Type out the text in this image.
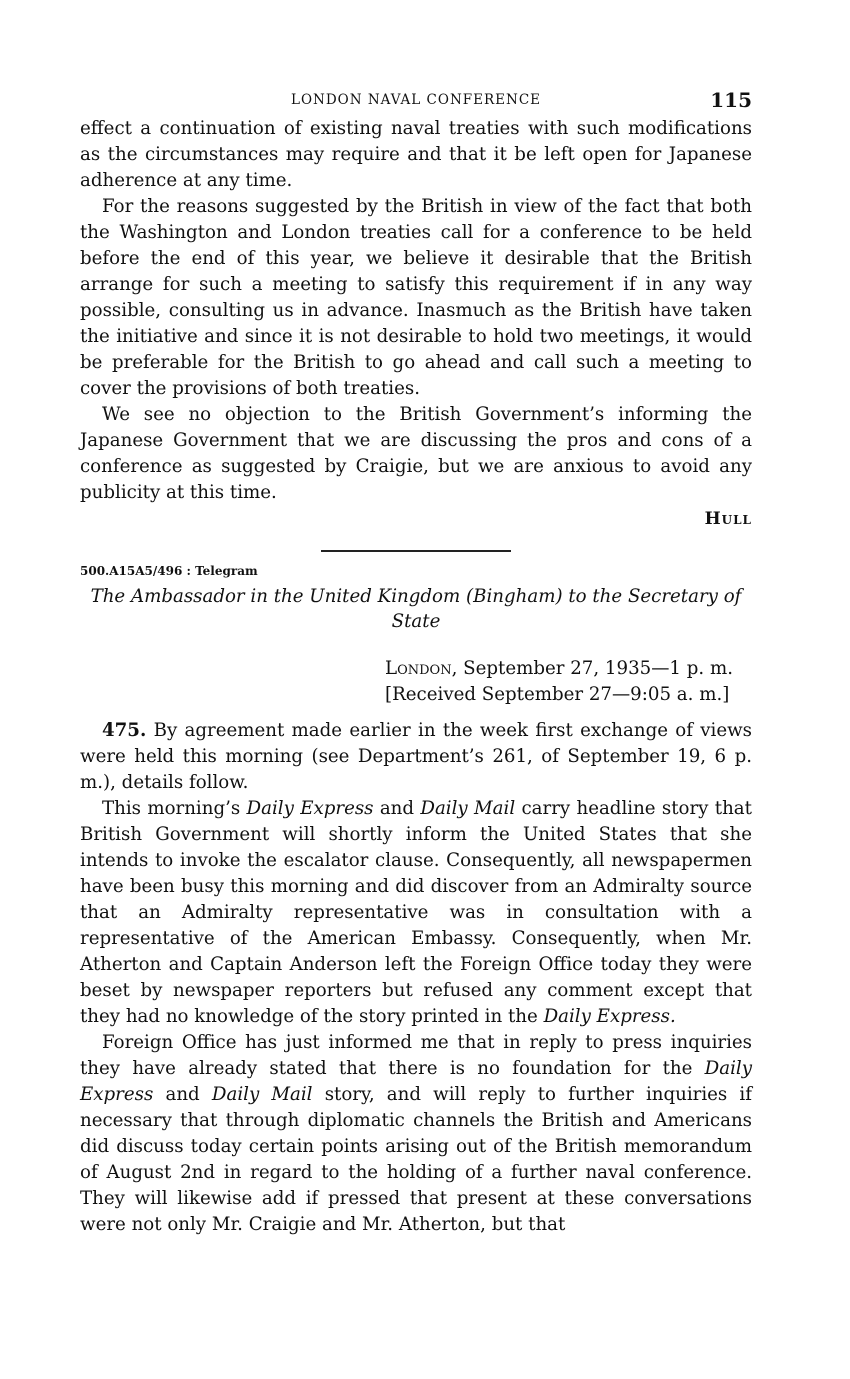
LONDON NAVAL CONFERENCE	115

effect a continuation of existing naval treaties with such modifications as the circumstances may require and that it be left open for Japanese adherence at any time.

For the reasons suggested by the British in view of the fact that both the Washington and London treaties call for a conference to be held before the end of this year, we believe it desirable that the British arrange for such a meeting to satisfy this requirement if in any way possible, consulting us in advance. Inasmuch as the British have taken the initiative and since it is not desirable to hold two meetings, it would be preferable for the British to go ahead and call such a meeting to cover the provisions of both treaties.

We see no objection to the British Government’s informing the Japanese Government that we are discussing the pros and cons of a conference as suggested by Craigie, but we are anxious to avoid any publicity at this time.

Hull
500.A15A5/496 : Telegram
The Ambassador in the United Kingdom (Bingham) to the Secretary of State
London, September 27, 1935—1 p. m.
[Received September 27—9:05 a. m.]

475. By agreement made earlier in the week first exchange of views were held this morning (see Department’s 261, of September 19, 6 p. m.), details follow.

This morning’s Daily Express and Daily Mail carry headline story that British Government will shortly inform the United States that she intends to invoke the escalator clause. Consequently, all newspapermen have been busy this morning and did discover from an Admiralty source that an Admiralty representative was in consultation with a representative of the American Embassy. Consequently, when Mr. Atherton and Captain Anderson left the Foreign Office today they were beset by newspaper reporters but refused any comment except that they had no knowledge of the story printed in the Daily Express.

Foreign Office has just informed me that in reply to press inquiries they have already stated that there is no foundation for the Daily Express and Daily Mail story, and will reply to further inquiries if necessary that through diplomatic channels the British and Americans did discuss today certain points arising out of the British memorandum of August 2nd in regard to the holding of a further naval conference. They will likewise add if pressed that present at these conversations were not only Mr. Craigie and Mr. Atherton, but that
